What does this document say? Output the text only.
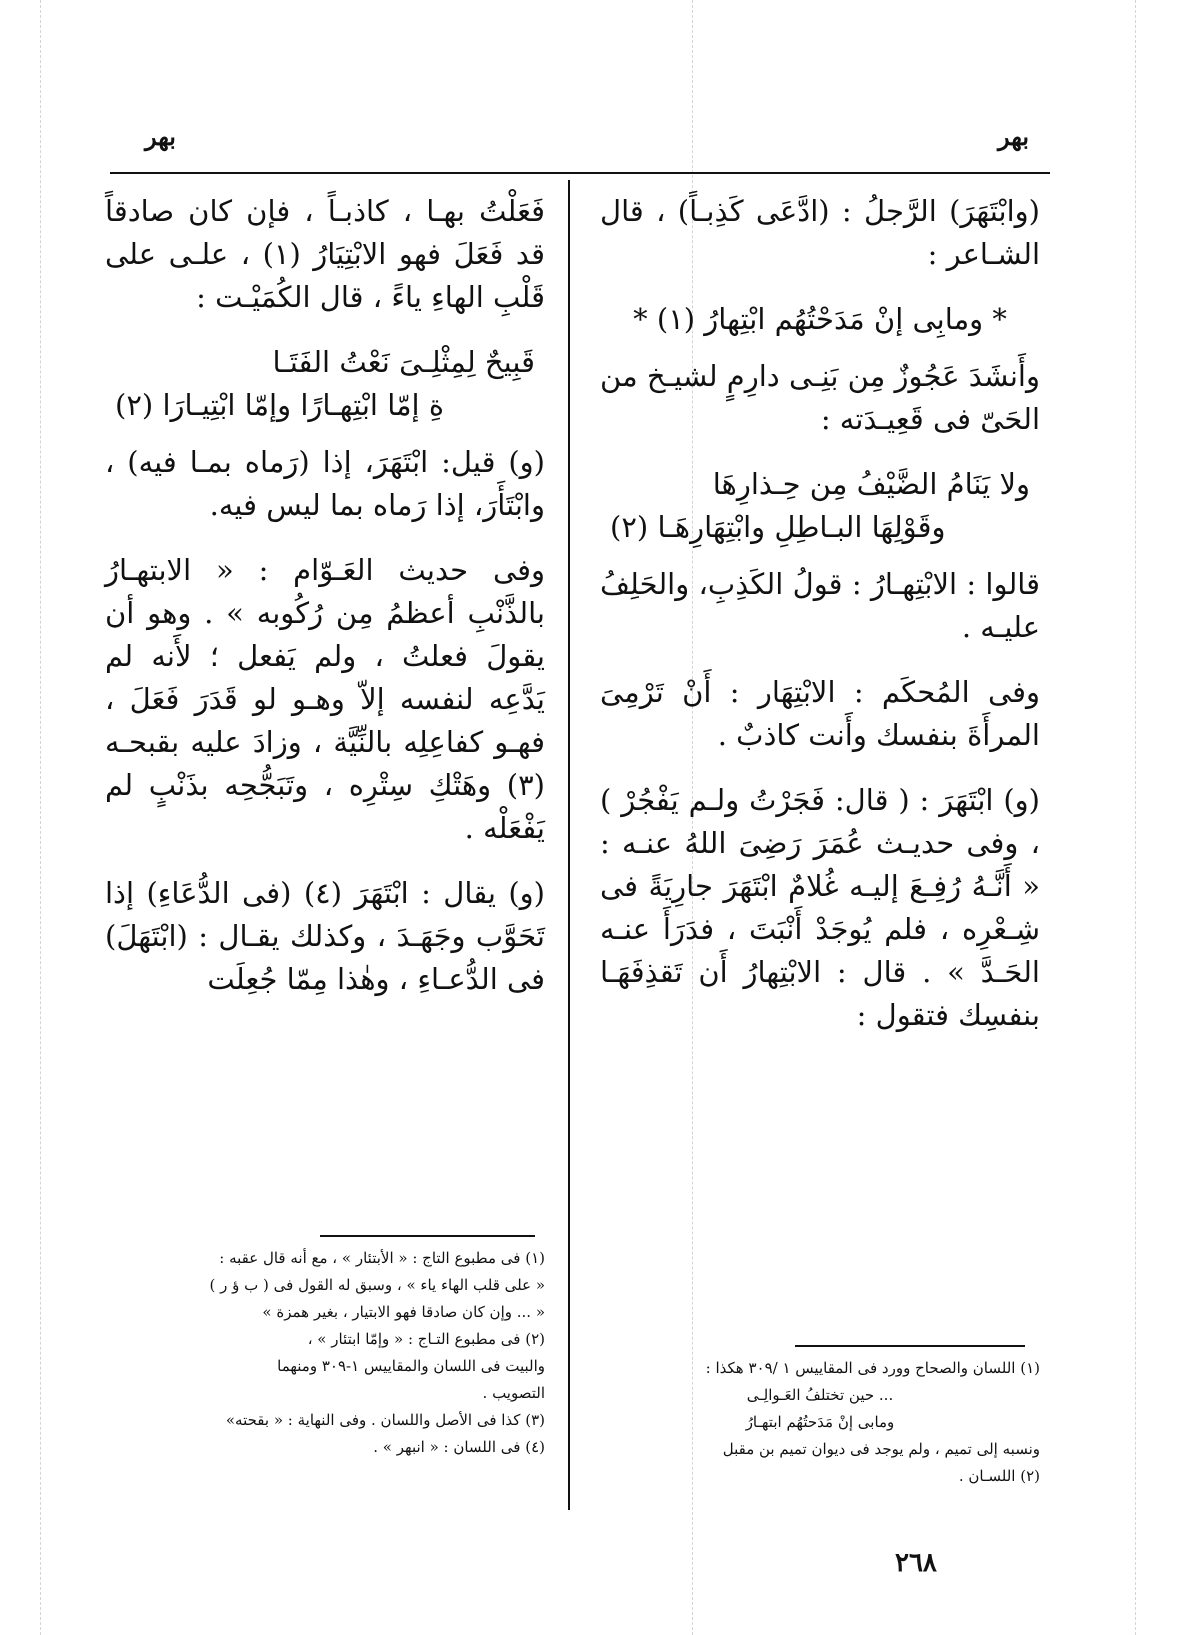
بهر
بهر

(وابْتَهَرَ) الرَّجلُ : (ادَّعَى كَذِبـاً) ، قال الشـاعر :

* ومابِى إنْ مَدَحْتُهُم ابْتِهارُ (١) *

وأَنشَدَ عَجُوزٌ مِن بَنِـى دارِمٍ لشيـخ من الحَىّ فى قَعِيـدَته :

ولا يَنَامُ الضَّيْفُ مِن حِـذارِهَا
وقَوْلِهَا البـاطِلِ وابْتِهَارِهَـا (٢)

قالوا : الابْتِهـارُ : قولُ الكَذِبِ، والحَلِفُ عليـه .

وفى المُحكَم : الابْتِهَار : أَنْ تَرْمِىَ المرأَةَ بنفسك وأَنت كاذبٌ .

(و) ابْتَهَرَ : ( قال: فَجَرْتُ ولـم يَفْجُرْ ) ، وفى حديـث عُمَرَ رَضِىَ اللهُ عنـه : « أَنَّـهُ رُفِـعَ إليـه غُلامٌ ابْتَهَرَ جارِيَةً فى شِـعْرِه ، فلم يُوجَدْ أَنْبَتَ ، فدَرَأَ عنـه الحَـدَّ » . قال : الابْتِهارُ أَن تَقذِفَهَـا بنفسِك فتقول :

فَعَلْتُ بهـا ، كاذبـاً ، فإن كان صادقاً قد فَعَلَ فهو الابْتِيَارُ (١) ، علـى على قَلْبِ الهاءِ ياءً ، قال الكُمَيْـت :

قَبِيحٌ لِمِثْلِـىَ نَعْتُ الفَتَـا
ةِ إمّا ابْتِهـارًا وإمّا ابْتِيـارَا (٢)

(و) قيل: ابْتَهَرَ، إذا (رَماه بمـا فيه) ، وابْتَأَرَ، إذا رَماه بما ليس فيه.

وفى حديث العَـوّام : « الابتهـارُ بالذَّنْبِ أعظمُ مِن رُكُوبه » . وهو أن يقولَ فعلتُ ، ولم يَفعل ؛ لأَنه لم يَدَّعِه لنفسه إلاّ وهـو لو قَدَرَ فَعَلَ ، فهـو كفاعِلِه بالنِّيَّة ، وزادَ عليه بقبحـه (٣) وهَتْكِ سِتْرِه ، وتَبَجُّحِه بذَنْبٍ لم يَفْعَلْه .

(و) يقال : ابْتَهَرَ (٤) (فى الدُّعَاءِ) إذا تَحَوَّب وجَهَـدَ ، وكذلك يقـال : (ابْتَهَلَ) فى الدُّعـاءِ ، وهٰذا مِمّا جُعِلَت

(١) فى مطبوع التاج : « الأبتئار » ، مع أنه قال عقبه :
« على قلب الهاء ياء » ، وسبق له القول فى ( ب ؤ ر )
« ... وإن كان صادقا فهو الابتيار ، بغير همزة »
(٢) فى مطبوع التـاج : « وإمّا ابتئار » ،
والبيت فى اللسان والمقاييس ١-٣٠٩ ومنهما
التصويب .
(٣) كذا فى الأصل واللسان . وفى النهاية : « بقحته»
(٤) فى اللسان : « انبهر » .
(١) اللسان والصحاح وورد فى المقاييس ١ /٣٠٩ هكذا :
... حين تختلفُ العَـوالِـى
ومابى إنْ مَدَحتُهُم ابتهـارُ
ونسبه إلى تميم ، ولم يوجد فى ديوان تميم بن مقبل
(٢) اللسـان .
٢٦٨
